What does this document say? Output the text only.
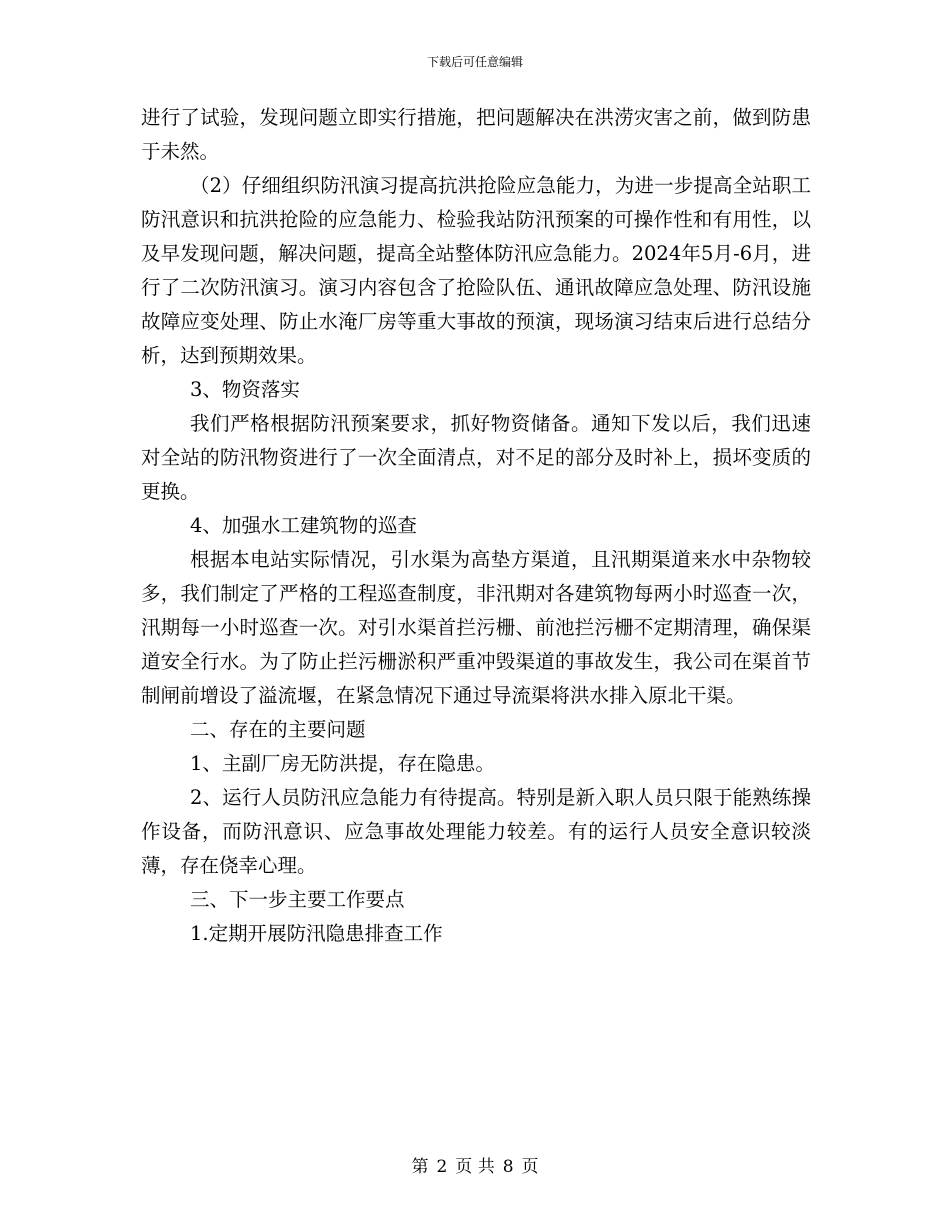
下载后可任意编辑

进行了试验，发现问题立即实行措施，把问题解决在洪涝灾害之前，做到防患于未然。

（2）仔细组织防汛演习提高抗洪抢险应急能力，为进一步提高全站职工防汛意识和抗洪抢险的应急能力、检验我站防汛预案的可操作性和有用性，以及早发现问题，解决问题，提高全站整体防汛应急能力。2024年5月-6月，进行了二次防汛演习。演习内容包含了抢险队伍、通讯故障应急处理、防汛设施故障应变处理、防止水淹厂房等重大事故的预演，现场演习结束后进行总结分析，达到预期效果。

3、物资落实

我们严格根据防汛预案要求，抓好物资储备。通知下发以后，我们迅速对全站的防汛物资进行了一次全面清点，对不足的部分及时补上，损坏变质的更换。

4、加强水工建筑物的巡查

根据本电站实际情况，引水渠为高垫方渠道，且汛期渠道来水中杂物较多，我们制定了严格的工程巡查制度，非汛期对各建筑物每两小时巡查一次，汛期每一小时巡查一次。对引水渠首拦污栅、前池拦污栅不定期清理，确保渠道安全行水。为了防止拦污栅淤积严重冲毁渠道的事故发生，我公司在渠首节制闸前增设了溢流堰，在紧急情况下通过导流渠将洪水排入原北干渠。

二、存在的主要问题

1、主副厂房无防洪提，存在隐患。

2、运行人员防汛应急能力有待提高。特别是新入职人员只限于能熟练操作设备，而防汛意识、应急事故处理能力较差。有的运行人员安全意识较淡薄，存在侥幸心理。

三、下一步主要工作要点

1.定期开展防汛隐患排查工作

第 2 页 共 8 页
